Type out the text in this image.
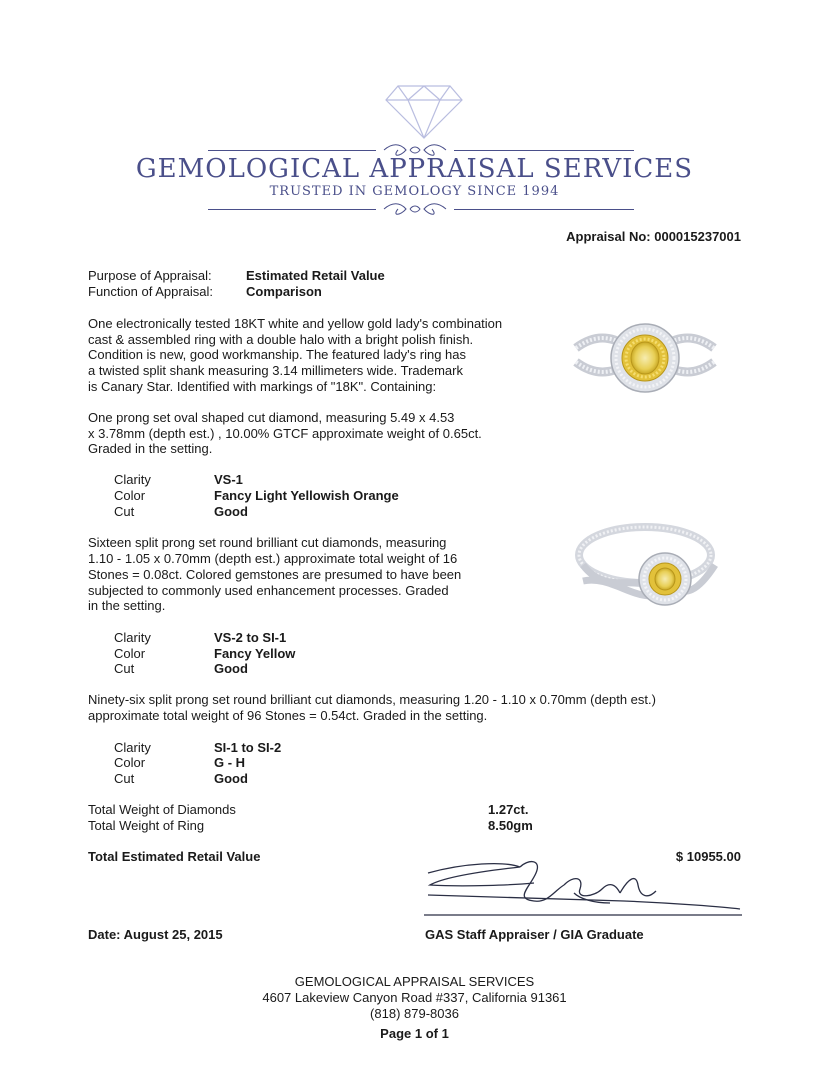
GEMOLOGICAL APPRAISAL SERVICES
TRUSTED IN GEMOLOGY SINCE 1994
Appraisal No: 000015237001
Purpose of Appraisal:	Estimated Retail Value
Function of Appraisal:	Comparison
One electronically tested 18KT white and yellow gold lady's combination
cast & assembled ring with a double halo with a bright polish finish.
Condition is new, good workmanship. The featured lady's ring has
a twisted split shank measuring 3.14 millimeters wide. Trademark
is Canary Star. Identified with markings of "18K". Containing:
One prong set oval shaped cut diamond, measuring 5.49 x 4.53
x 3.78mm (depth est.) , 10.00% GTCF approximate weight of 0.65ct.
Graded in the setting.
Clarity	VS-1
Color	Fancy Light Yellowish Orange
Cut	Good
Sixteen split prong set round brilliant cut diamonds, measuring
1.10 - 1.05 x 0.70mm (depth est.) approximate total weight of 16
Stones = 0.08ct. Colored gemstones are presumed to have been
subjected to commonly used enhancement processes. Graded
in the setting.
Clarity	VS-2 to SI-1
Color	Fancy Yellow
Cut	Good
Ninety-six split prong set round brilliant cut diamonds, measuring 1.20 - 1.10 x 0.70mm (depth est.)
approximate total weight of 96 Stones = 0.54ct. Graded in the setting.
Clarity	SI-1 to SI-2
Color	G - H
Cut	Good
Total Weight of Diamonds	1.27ct.
Total Weight of Ring	8.50gm
Total Estimated Retail Value	$ 10955.00
Date: August 25, 2015	GAS Staff Appraiser / GIA Graduate
GEMOLOGICAL APPRAISAL SERVICES
4607 Lakeview Canyon Road #337, California 91361
(818) 879-8036
Page 1 of 1
